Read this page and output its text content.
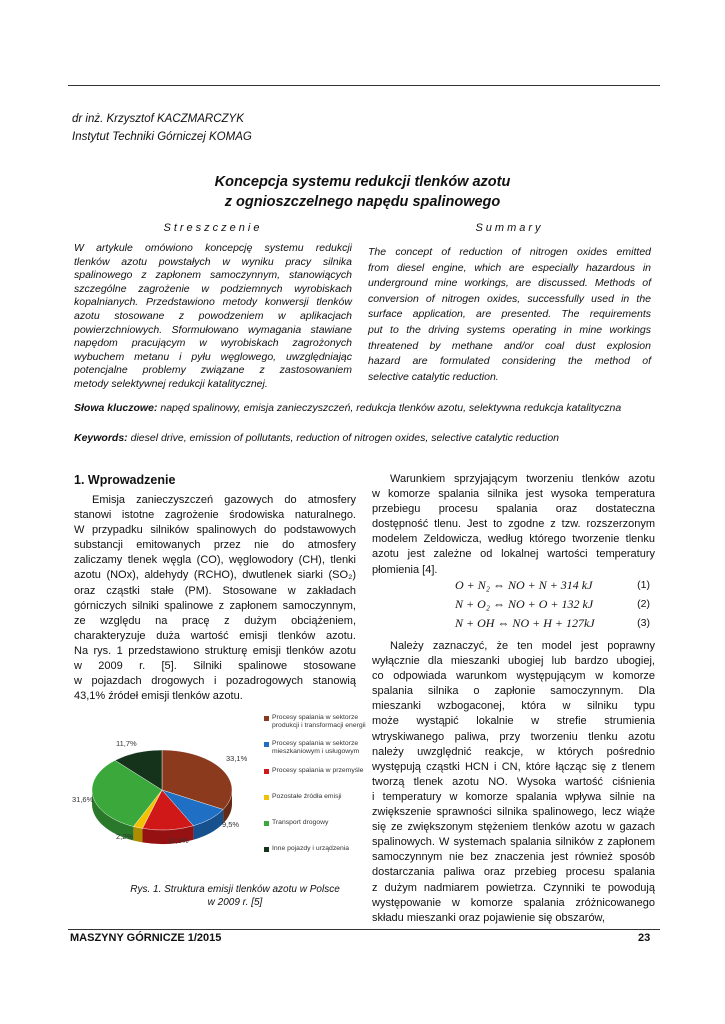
dr inż. Krzysztof KACZMARCZYK
Instytut Techniki Górniczej KOMAG
Koncepcja systemu redukcji tlenków azotu
z ognioszczelnego napędu spalinowego
Streszczenie	Summary
W artykule omówiono koncepcję systemu redukcji
tlenków azotu powstałych w wyniku pracy silnika
spalinowego z zapłonem samoczynnym, stanowiących
szczególne zagrożenie w podziemnych wyrobiskach
kopalnianych. Przedstawiono metody konwersji tlenków
azotu stosowane z powodzeniem w aplikacjach
powierzchniowych. Sformułowano wymagania stawiane
napędom pracującym w wyrobiskach zagrożonych
wybuchem metanu i pyłu węglowego, uwzględniając
potencjalne problemy związane z zastosowaniem
metody selektywnej redukcji katalitycznej.
The concept of reduction of nitrogen oxides emitted
from diesel engine, which are especially hazardous in
underground mine workings, are discussed. Methods of
conversion of nitrogen oxides, successfully used in the
surface application, are presented. The requirements
put to the driving systems operating in mine workings
threatened by methane and/or coal dust explosion
hazard are formulated considering the method of
selective catalytic reduction.
Słowa kluczowe: napęd spalinowy, emisja zanieczyszczeń, redukcja tlenków azotu, selektywna redukcja katalityczna
Keywords: diesel drive, emission of pollutants, reduction of nitrogen oxides, selective catalytic reduction
1. Wprowadzenie
Emisja zanieczyszczeń gazowych do atmosfery
stanowi istotne zagrożenie środowiska naturalnego.
W przypadku silników spalinowych do podstawowych
substancji emitowanych przez nie do atmosfery
zaliczamy tlenek węgla (CO), węglowodory (CH), tlenki
azotu (NOx), aldehydy (RCHO), dwutlenek siarki (SO₂)
oraz cząstki stałe (PM). Stosowane w zakładach
górniczych silniki spalinowe z zapłonem samoczynnym,
ze względu na pracę z dużym obciążeniem,
charakteryzuje duża wartość emisji tlenków azotu.
Na rys. 1 przedstawiono strukturę emisji tlenków azotu
w 2009 r. [5]. Silniki spalinowe stosowane
w pojazdach drogowych i pozadrogowych stanowią
43,1% źródeł emisji tlenków azotu.
33,1%
9,5%
11,9%
2,2%
31,6%
11,7%
Procesy spalania w sektorze produkcji i transformacji energii
Procesy spalania w sektorze mieszkaniowym i usługowym
Procesy spalania w przemyśle
Pozostałe źródła emisji
Transport drogowy
Inne pojazdy i urządzenia
Rys. 1. Struktura emisji tlenków azotu w Polsce
w 2009 r. [5]
Warunkiem sprzyjającym tworzeniu tlenków azotu
w komorze spalania silnika jest wysoka temperatura
przebiegu procesu spalania oraz dostateczna
dostępność tlenu. Jest to zgodne z tzw. rozszerzonym
modelem Zeldowicza, według którego tworzenie tlenku
azotu jest zależne od lokalnej wartości temperatury
płomienia [4].
O + N₂ ⇔ NO + N + 314 kJ	(1)
N + O₂ ⇔ NO + O + 132 kJ	(2)
N + OH ⇔ NO + H + 127kJ	(3)
Należy zaznaczyć, że ten model jest poprawny
wyłącznie dla mieszanki ubogiej lub bardzo ubogiej,
co odpowiada warunkom występującym w komorze
spalania silnika o zapłonie samoczynnym. Dla
mieszanki wzbogaconej, która w silniku typu
może wystąpić lokalnie w strefie strumienia
wtryskiwanego paliwa, przy tworzeniu tlenku azotu
należy uwzględnić reakcje, w których pośrednio
występują cząstki HCN i CN, które łącząc się z tlenem
tworzą tlenek azotu NO. Wysoka wartość ciśnienia
i temperatury w komorze spalania wpływa silnie na
zwiększenie sprawności silnika spalinowego, lecz wiąże
się ze zwiększonym stężeniem tlenków azotu w gazach
spalinowych. W systemach spalania silników z zapłonem
samoczynnym nie bez znaczenia jest również sposób
dostarczania paliwa oraz przebieg procesu spalania
z dużym nadmiarem powietrza. Czynniki te powodują
występowanie w komorze spalania zróżnicowanego
składu mieszanki oraz pojawienie się obszarów,
MASZYNY GÓRNICZE 1/2015	23
